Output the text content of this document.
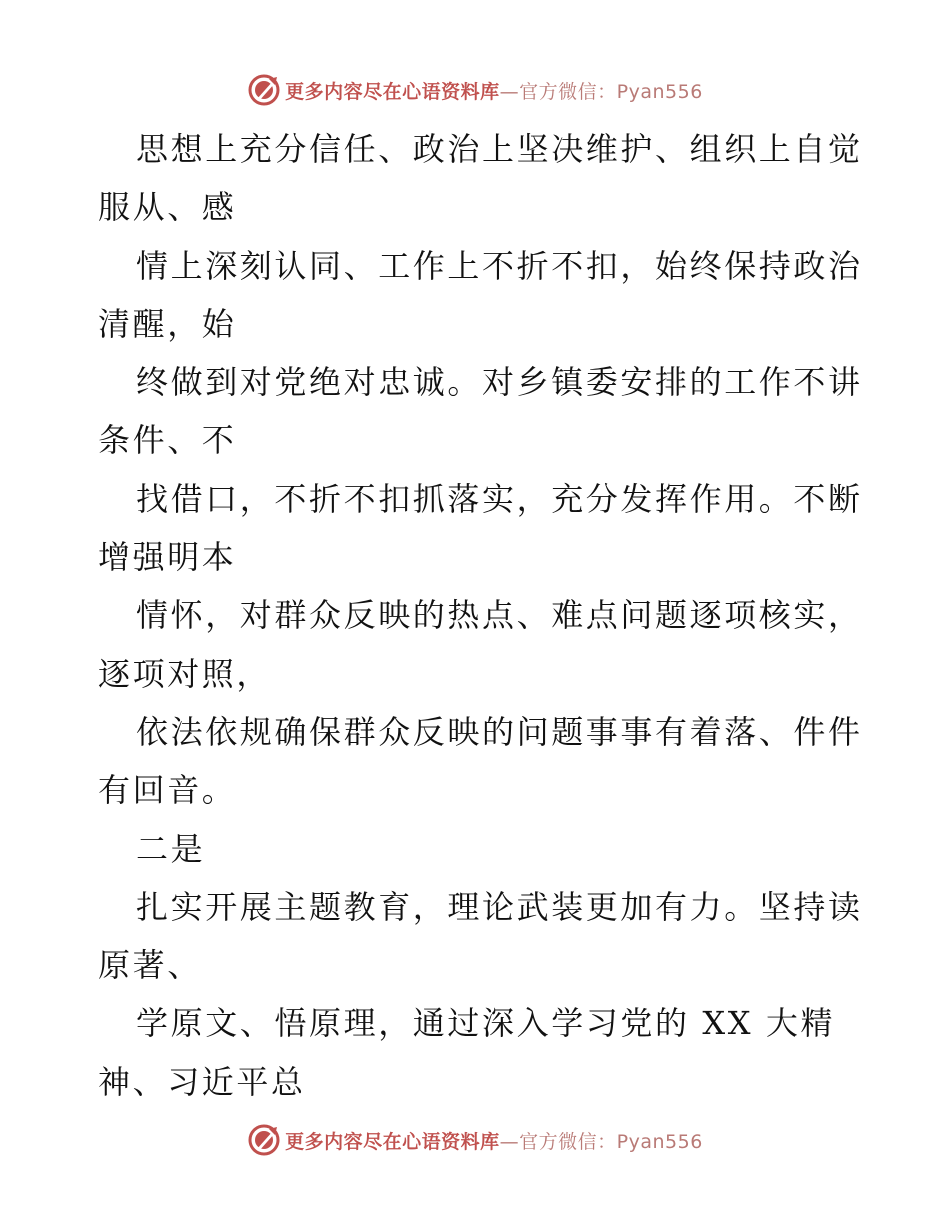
更多内容尽在心语资料库—官方微信：Pyan556
思想上充分信任、政治上坚决维护、组织上自觉
服从、感
情上深刻认同、工作上不折不扣，始终保持政治
清醒，始
终做到对党绝对忠诚。对乡镇委安排的工作不讲
条件、不
找借口，不折不扣抓落实，充分发挥作用。不断
增强明本
情怀，对群众反映的热点、难点问题逐项核实，
逐项对照，
依法依规确保群众反映的问题事事有着落、件件
有回音。
二是
扎实开展主题教育，理论武装更加有力。坚持读
原著、
学原文、悟原理，通过深入学习党的 XX 大精
神、习近平总
更多内容尽在心语资料库—官方微信：Pyan556
